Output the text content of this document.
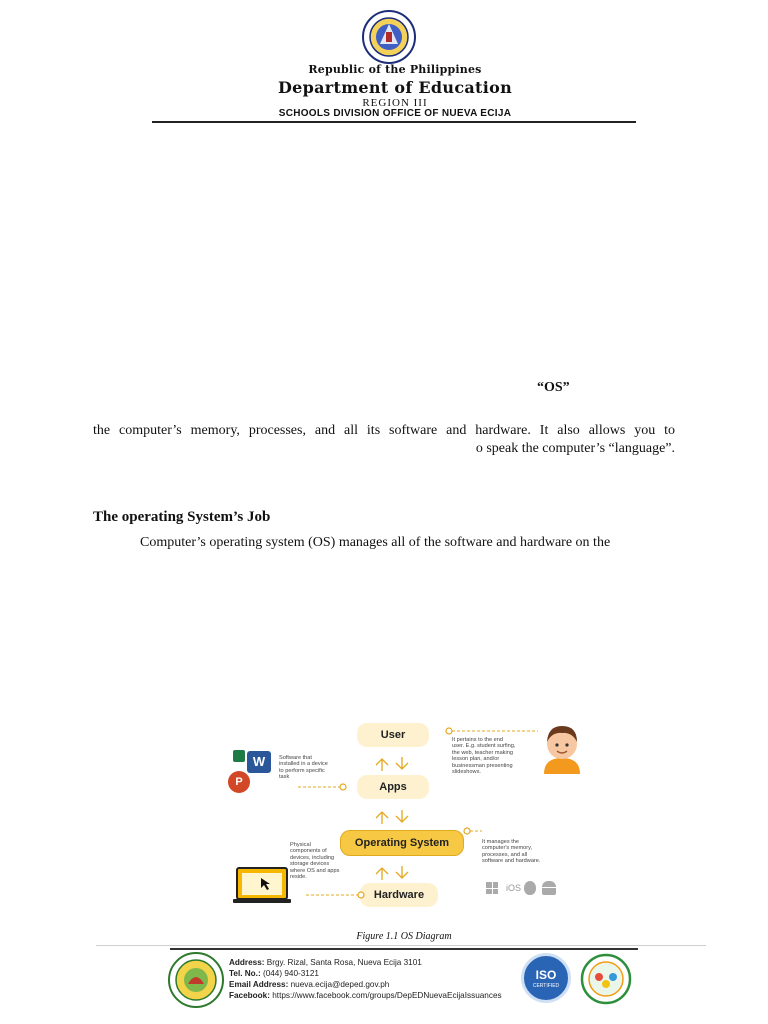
Republic of the Philippines
Department of Education
REGION III
SCHOOLS DIVISION OFFICE OF NUEVA ECIJA
“OS”
the computer’s memory, processes, and all its software and hardware. It also allows you to
o speak the computer’s “language”.
The operating System’s Job
Computer’s operating system (OS) manages all of the software and hardware on the
W
P
Software that
installed in a device
to perform specific
task
User
Apps
Operating System
Hardware
It pertains to the end
user. E.g. student surfing,
the web, teacher making
lesson plan, and/or
businessman presenting
slideshows.
It manages the
computer's memory,
processes, and all
software and hardware.
iOS
Physical
components of
devices, including
storage devices
where OS and apps
reside.
Figure 1.1 OS Diagram
Address: Brgy. Rizal, Santa Rosa, Nueva Ecija 3101
Tel. No.: (044) 940-3121
Email Address: nueva.ecija@deped.gov.ph
Facebook: https://www.facebook.com/groups/DepEDNuevaEcijaIssuances
ISO
CERTIFIED
